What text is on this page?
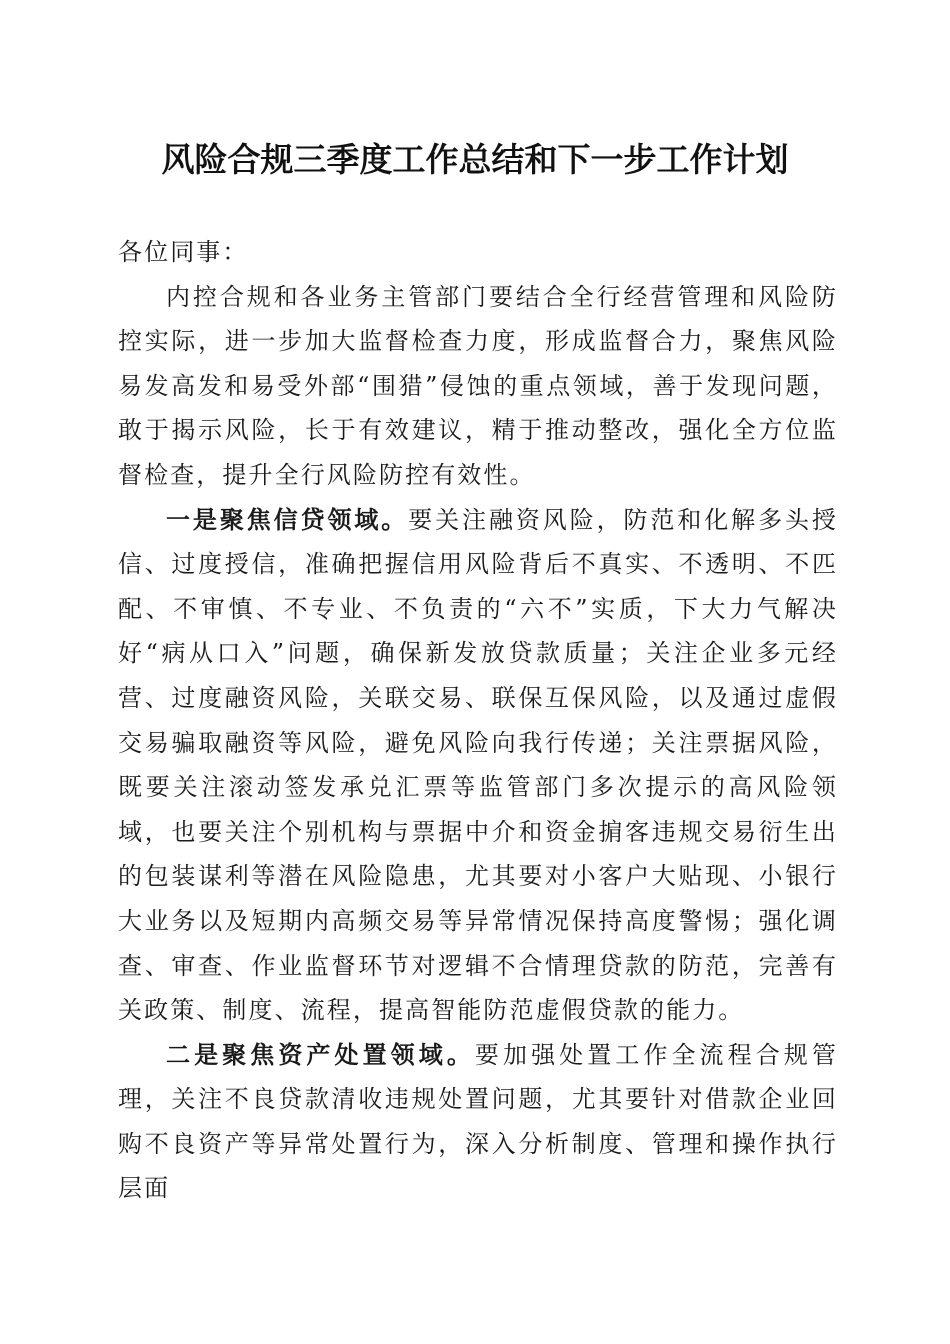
风险合规三季度工作总结和下一步工作计划

各位同事：

内控合规和各业务主管部门要结合全行经营管理和风险防控实际，进一步加大监督检查力度，形成监督合力，聚焦风险易发高发和易受外部“围猎”侵蚀的重点领域，善于发现问题，敢于揭示风险，长于有效建议，精于推动整改，强化全方位监督检查，提升全行风险防控有效性。

一是聚焦信贷领域。要关注融资风险，防范和化解多头授信、过度授信，准确把握信用风险背后不真实、不透明、不匹配、不审慎、不专业、不负责的“六不”实质，下大力气解决好“病从口入”问题，确保新发放贷款质量；关注企业多元经营、过度融资风险，关联交易、联保互保风险，以及通过虚假交易骗取融资等风险，避免风险向我行传递；关注票据风险，既要关注滚动签发承兑汇票等监管部门多次提示的高风险领域，也要关注个别机构与票据中介和资金掮客违规交易衍生出的包装谋利等潜在风险隐患，尤其要对小客户大贴现、小银行大业务以及短期内高频交易等异常情况保持高度警惕；强化调查、审查、作业监督环节对逻辑不合情理贷款的防范，完善有关政策、制度、流程，提高智能防范虚假贷款的能力。

二是聚焦资产处置领域。要加强处置工作全流程合规管理，关注不良贷款清收违规处置问题，尤其要针对借款企业回购不良资产等异常处置行为，深入分析制度、管理和操作执行层面
